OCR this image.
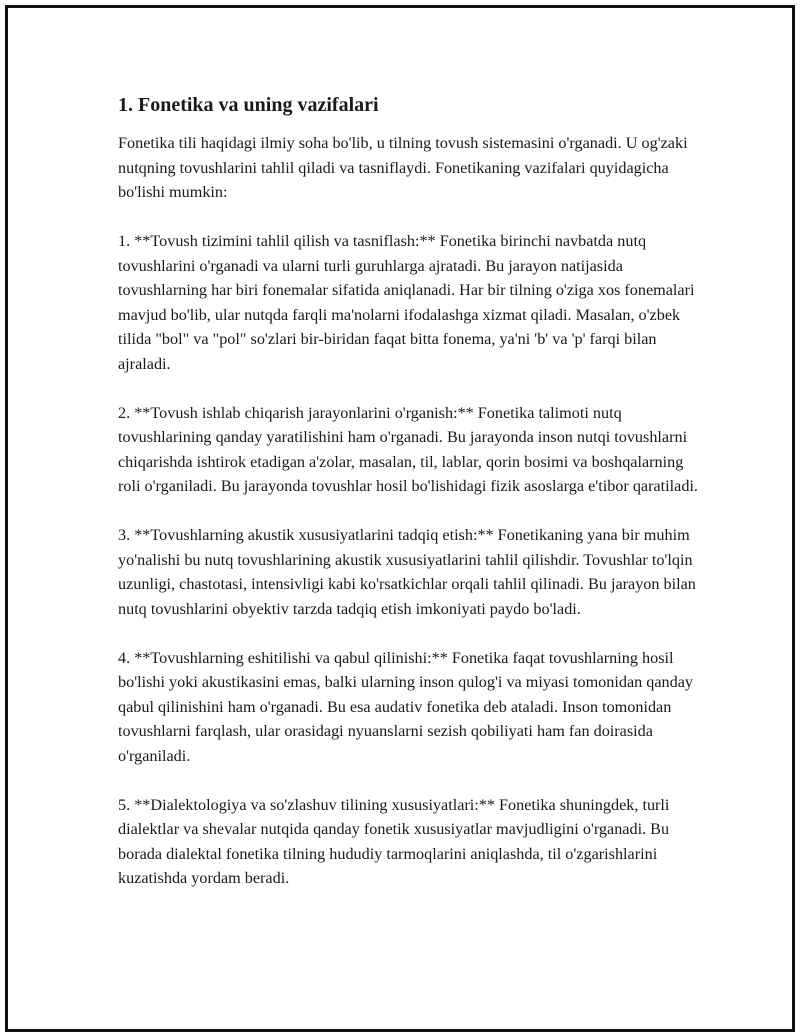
1. Fonetika va uning vazifalari

Fonetika tili haqidagi ilmiy soha bo'lib, u tilning tovush sistemasini o'rganadi. U og'zaki nutqning tovushlarini tahlil qiladi va tasniflaydi. Fonetikaning vazifalari quyidagicha bo'lishi mumkin:

1. **Tovush tizimini tahlil qilish va tasniflash:** Fonetika birinchi navbatda nutq tovushlarini o'rganadi va ularni turli guruhlarga ajratadi. Bu jarayon natijasida tovushlarning har biri fonemalar sifatida aniqlanadi. Har bir tilning o'ziga xos fonemalari mavjud bo'lib, ular nutqda farqli ma'nolarni ifodalashga xizmat qiladi. Masalan, o'zbek tilida "bol" va "pol" so'zlari bir-biridan faqat bitta fonema, ya'ni 'b' va 'p' farqi bilan ajraladi.

2. **Tovush ishlab chiqarish jarayonlarini o'rganish:** Fonetika talimoti nutq tovushlarining qanday yaratilishini ham o'rganadi. Bu jarayonda inson nutqi tovushlarni chiqarishda ishtirok etadigan a'zolar, masalan, til, lablar, qorin bosimi va boshqalarning roli o'rganiladi. Bu jarayonda tovushlar hosil bo'lishidagi fizik asoslarga e'tibor qaratiladi.

3. **Tovushlarning akustik xususiyatlarini tadqiq etish:** Fonetikaning yana bir muhim yo'nalishi bu nutq tovushlarining akustik xususiyatlarini tahlil qilishdir. Tovushlar to'lqin uzunligi, chastotasi, intensivligi kabi ko'rsatkichlar orqali tahlil qilinadi. Bu jarayon bilan nutq tovushlarini obyektiv tarzda tadqiq etish imkoniyati paydo bo'ladi.

4. **Tovushlarning eshitilishi va qabul qilinishi:** Fonetika faqat tovushlarning hosil bo'lishi yoki akustikasini emas, balki ularning inson qulog'i va miyasi tomonidan qanday qabul qilinishini ham o'rganadi. Bu esa audativ fonetika deb ataladi. Inson tomonidan tovushlarni farqlash, ular orasidagi nyuanslarni sezish qobiliyati ham fan doirasida o'rganiladi.

5. **Dialektologiya va so'zlashuv tilining xususiyatlari:** Fonetika shuningdek, turli dialektlar va shevalar nutqida qanday fonetik xususiyatlar mavjudligini o'rganadi. Bu borada dialektal fonetika tilning hududiy tarmoqlarini aniqlashda, til o'zgarishlarini kuzatishda yordam beradi.
